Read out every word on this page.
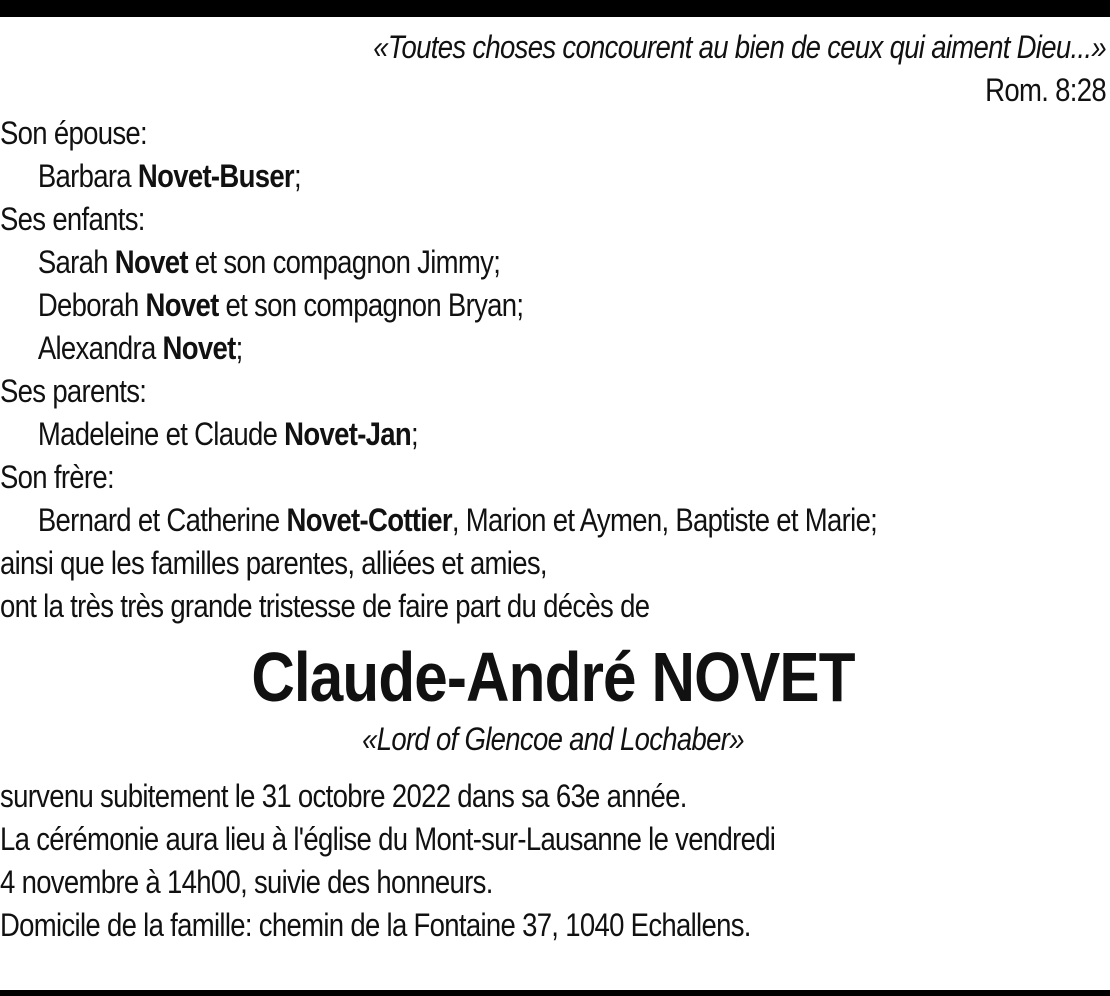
«Toutes choses concourent au bien de ceux qui aiment Dieu...»
Rom. 8:28
Son épouse:
Barbara Novet-Buser;
Ses enfants:
Sarah Novet et son compagnon Jimmy;
Deborah Novet et son compagnon Bryan;
Alexandra Novet;
Ses parents:
Madeleine et Claude Novet-Jan;
Son frère:
Bernard et Catherine Novet-Cottier, Marion et Aymen, Baptiste et Marie;
ainsi que les familles parentes, alliées et amies,
ont la très très grande tristesse de faire part du décès de
Claude-André NOVET
«Lord of Glencoe and Lochaber»
survenu subitement le 31 octobre 2022 dans sa 63e année.
La cérémonie aura lieu à l'église du Mont-sur-Lausanne le vendredi
4 novembre à 14h00, suivie des honneurs.
Domicile de la famille: chemin de la Fontaine 37, 1040 Echallens.
